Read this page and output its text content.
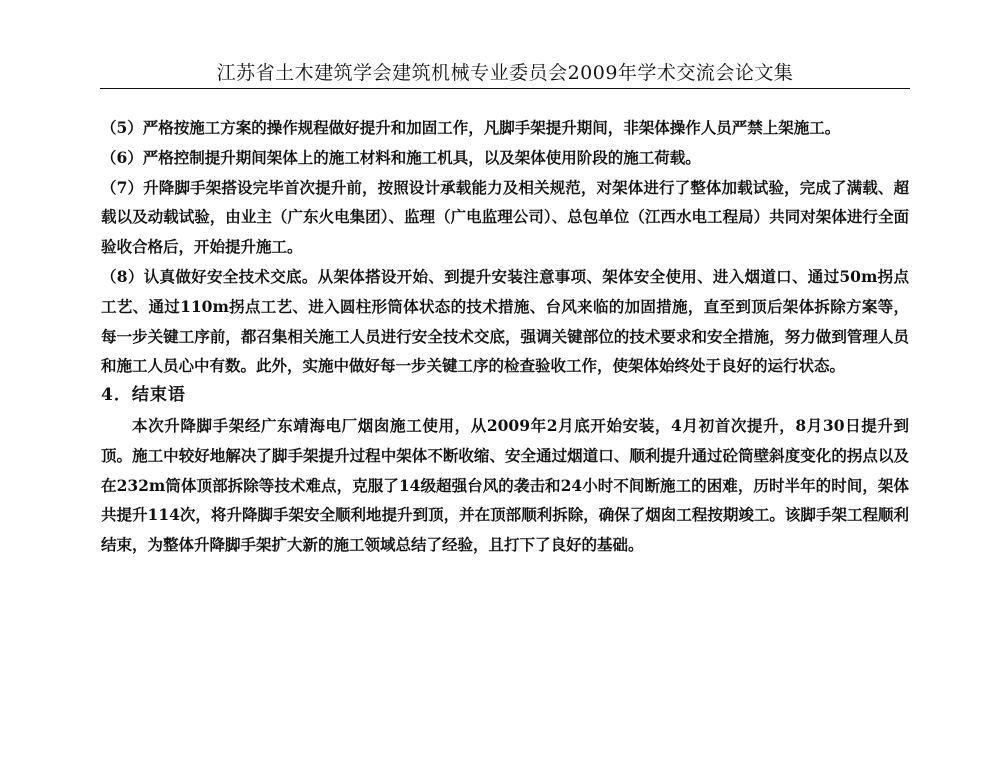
江苏省土木建筑学会建筑机械专业委员会2009年学术交流会论文集

（5）严格按施工方案的操作规程做好提升和加固工作，凡脚手架提升期间，非架体操作人员严禁上架施工。

（6）严格控制提升期间架体上的施工材料和施工机具，以及架体使用阶段的施工荷载。

（7）升降脚手架搭设完毕首次提升前，按照设计承载能力及相关规范，对架体进行了整体加载试验，完成了满载、超载以及动载试验，由业主（广东火电集团）、监理（广电监理公司）、总包单位（江西水电工程局）共同对架体进行全面验收合格后，开始提升施工。

（8）认真做好安全技术交底。从架体搭设开始、到提升安装注意事项、架体安全使用、进入烟道口、通过50m拐点工艺、通过110m拐点工艺、进入圆柱形筒体状态的技术措施、台风来临的加固措施，直至到顶后架体拆除方案等，每一步关键工序前，都召集相关施工人员进行安全技术交底，强调关键部位的技术要求和安全措施，努力做到管理人员和施工人员心中有数。此外，实施中做好每一步关键工序的检查验收工作，使架体始终处于良好的运行状态。

4．结束语

本次升降脚手架经广东靖海电厂烟囱施工使用，从2009年2月底开始安装，4月初首次提升，8月30日提升到顶。施工中较好地解决了脚手架提升过程中架体不断收缩、安全通过烟道口、顺利提升通过砼筒壁斜度变化的拐点以及在232m筒体顶部拆除等技术难点，克服了14级超强台风的袭击和24小时不间断施工的困难，历时半年的时间，架体共提升114次，将升降脚手架安全顺利地提升到顶，并在顶部顺利拆除，确保了烟囱工程按期竣工。该脚手架工程顺利结束，为整体升降脚手架扩大新的施工领域总结了经验，且打下了良好的基础。
